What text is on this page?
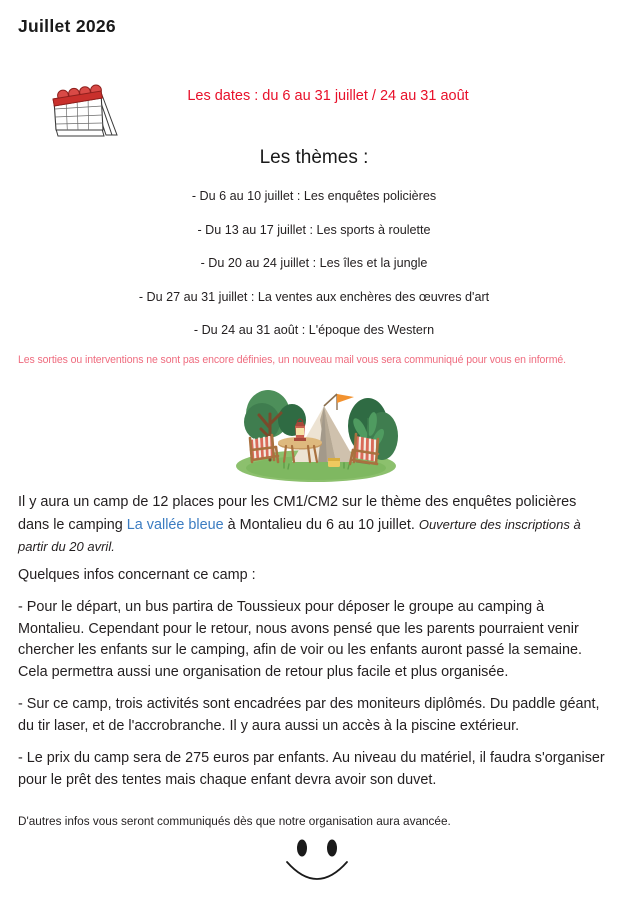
Juillet 2026
Les dates : du 6 au 31 juillet / 24 au 31 août
Les thèmes :
- Du 6 au 10 juillet : Les enquêtes policières
- Du 13 au 17 juillet : Les sports à roulette
- Du 20 au 24 juillet : Les îles et la jungle
- Du 27 au 31 juillet : La ventes aux enchères des œuvres d'art
- Du 24 au 31 août : L'époque des Western
Les sorties ou interventions ne sont pas encore définies, un nouveau mail vous sera communiqué pour vous en informé.
Il y aura un camp de 12 places pour les CM1/CM2 sur le thème des enquêtes policières dans le camping La vallée bleue à Montalieu du 6 au 10 juillet. Ouverture des inscriptions à partir du 20 avril.
Quelques infos concernant ce camp :
- Pour le départ, un bus partira de Toussieux pour déposer le groupe au camping à Montalieu. Cependant pour le retour, nous avons pensé que les parents pourraient venir chercher les enfants sur le camping, afin de voir ou les enfants auront passé la semaine. Cela permettra aussi une organisation de retour plus facile et plus organisée.
- Sur ce camp, trois activités sont encadrées par des moniteurs diplômés. Du paddle géant, du tir laser, et de l'accrobranche. Il y aura aussi un accès à la piscine extérieur.
- Le prix du camp sera de 275 euros par enfants. Au niveau du matériel, il faudra s'organiser pour le prêt des tentes mais chaque enfant devra avoir son duvet.
D'autres infos vous seront communiqués dès que notre organisation aura avancée.
